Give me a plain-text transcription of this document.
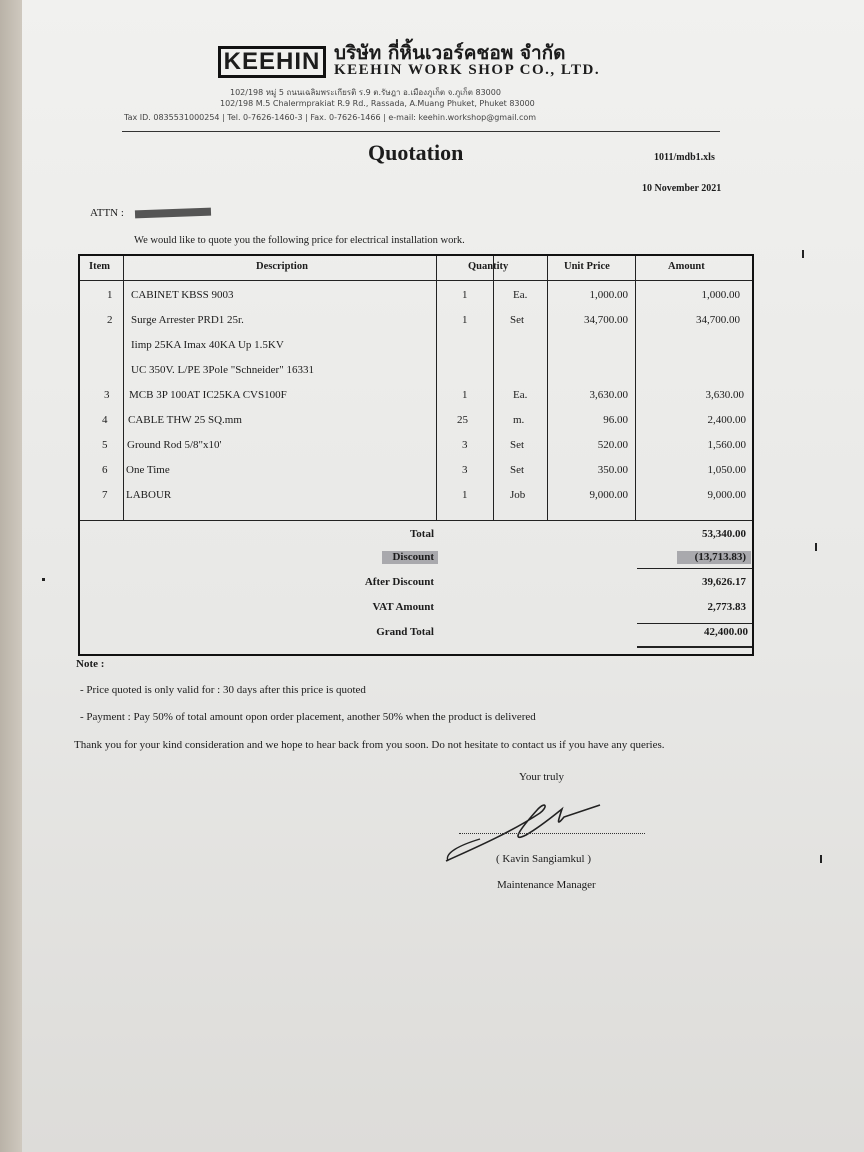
KEEHIN บริษัท กี่หิ้นเวอร์คชอพ จำกัด
KEEHIN WORK SHOP CO., LTD.
102/198 หมู่ 5 ถนนเฉลิมพระเกียรติ ร.9 ต.รัษฎา อ.เมืองภูเก็ต จ.ภูเก็ต 83000
102/198 M.5 Chalermprakiat R.9 Rd., Rassada, A.Muang Phuket, Phuket 83000
Tax ID. 0835531000254 | Tel. 0-7626-1460-3 | Fax. 0-7626-1466 | e-mail: keehin.workshop@gmail.com
Quotation	1011/mdb1.xls
10 November 2021
ATTN :
We would like to quote you the following price for electrical installation work.
Item	Description	Quantity	Unit Price	Amount
1 CABINET KBSS 9003	1	Ea.	1,000.00	1,000.00
2 Surge Arrester PRD1 25r.	1	Set	34,700.00	34,700.00
Iimp 25KA Imax 40KA Up 1.5KV
UC 350V. L/PE 3Pole "Schneider" 16331
3 MCB 3P 100AT IC25KA CVS100F	1	Ea.	3,630.00	3,630.00
4 CABLE THW 25 SQ.mm	25	m.	96.00	2,400.00
5 Ground Rod 5/8"x10'	3	Set	520.00	1,560.00
6 One Time	3	Set	350.00	1,050.00
7 LABOUR	1	Job	9,000.00	9,000.00
Total	53,340.00
Discount	(13,713.83)
After Discount	39,626.17
VAT Amount	2,773.83
Grand Total	42,400.00
Note :
- Price quoted is only valid for : 30 days after this price is quoted
- Payment : Pay 50% of total amount opon order placement, another 50% when the product is delivered
Thank you for your kind consideration and we hope to hear back from you soon. Do not hesitate to contact us if you have any queries.
Your truly
( Kavin Sangiamkul )
Maintenance Manager
